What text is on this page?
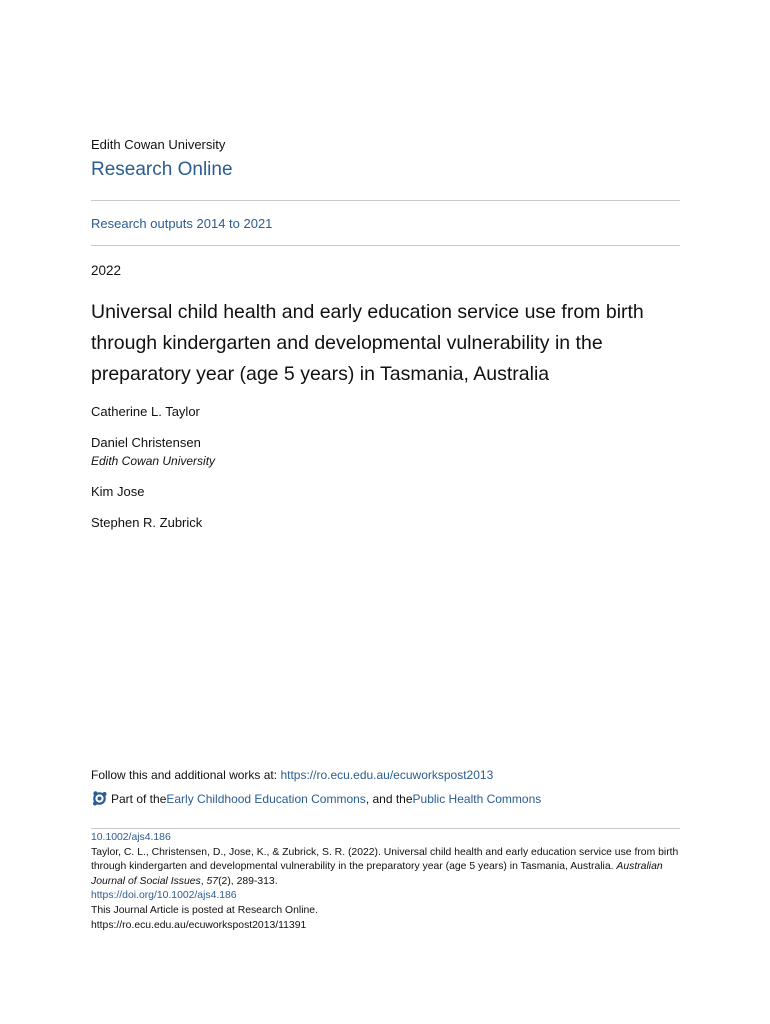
Edith Cowan University
Research Online
Research outputs 2014 to 2021
2022
Universal child health and early education service use from birth through kindergarten and developmental vulnerability in the preparatory year (age 5 years) in Tasmania, Australia
Catherine L. Taylor
Daniel Christensen
Edith Cowan University
Kim Jose
Stephen R. Zubrick
Follow this and additional works at: https://ro.ecu.edu.au/ecuworkspost2013
Part of the Early Childhood Education Commons , and the Public Health Commons
10.1002/ajs4.186
Taylor, C. L., Christensen, D., Jose, K., & Zubrick, S. R. (2022). Universal child health and early education service use from birth through kindergarten and developmental vulnerability in the preparatory year (age 5 years) in Tasmania, Australia. Australian Journal of Social Issues, 57(2), 289-313.
https://doi.org/10.1002/ajs4.186
This Journal Article is posted at Research Online.
https://ro.ecu.edu.au/ecuworkspost2013/11391
